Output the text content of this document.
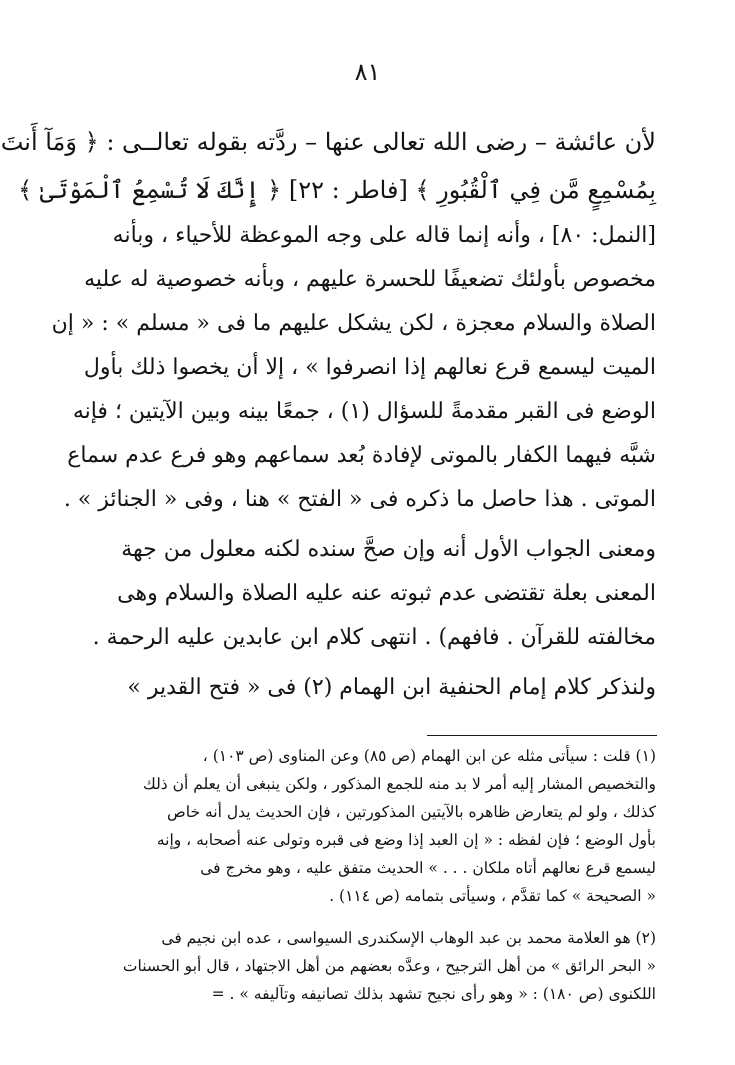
٨١
لأن عائشة – رضى الله تعالى عنها – ردَّته بقوله تعالــى : ﴿ وَمَآ أَنتَ
بِمُسْمِعٍ مَّن فِي ٱلْقُبُورِ ﴾ [فاطر : ٢٢] ﴿ إِنَّكَ لَا تُسْمِعُ ٱلْمَوْتَىٰ ﴾
[النمل: ٨٠] ، وأنه إنما قاله على وجه الموعظة للأحياء ، وبأنه
مخصوص بأولئك تضعيفًا للحسرة عليهم ، وبأنه خصوصية له عليه
الصلاة والسلام معجزة ، لكن يشكل عليهم ما فى « مسلم » : « إن
الميت ليسمع قرع نعالهم إذا انصرفوا » ، إلا أن يخصوا ذلك بأول
الوضع فى القبر مقدمةً للسؤال (١) ، جمعًا بينه وبين الآيتين ؛ فإنه
شبَّه فيهما الكفار بالموتى لإفادة بُعد سماعهم وهو فرع عدم سماع
الموتى . هذا حاصل ما ذكره فى « الفتح » هنا ، وفى « الجنائز » .
ومعنى الجواب الأول أنه وإن صحَّ سنده لكنه معلول من جهة
المعنى بعلة تقتضى عدم ثبوته عنه عليه الصلاة والسلام وهى
مخالفته للقرآن . فافهم) . انتهى كلام ابن عابدين عليه الرحمة .
ولنذكر كلام إمام الحنفية ابن الهمام (٢) فى « فتح القدير »
(١) قلت : سيأتى مثله عن ابن الهمام (ص ٨٥) وعن المناوى (ص ١٠٣) ،
والتخصيص المشار إليه أمر لا بد منه للجمع المذكور ، ولكن ينبغى أن يعلم أن ذلك
كذلك ، ولو لم يتعارض ظاهره بالآيتين المذكورتين ، فإن الحديث يدل أنه خاص
بأول الوضع ؛ فإن لفظه : « إن العبد إذا وضع فى قبره وتولى عنه أصحابه ، وإنه
ليسمع قرع نعالهم أتاه ملكان . . . » الحديث متفق عليه ، وهو مخرج فى
« الصحيحة » كما تقدَّم ، وسيأتى بتمامه (ص ١١٤) .
(٢) هو العلامة محمد بن عبد الوهاب الإسكندرى السيواسى ، عده ابن نجيم فى
« البحر الرائق » من أهل الترجيح ، وعدَّه بعضهم من أهل الاجتهاد ، قال أبو الحسنات
اللكنوى (ص ١٨٠) : « وهو رأى نجيح تشهد بذلك تصانيفه وتآليفه » . =
